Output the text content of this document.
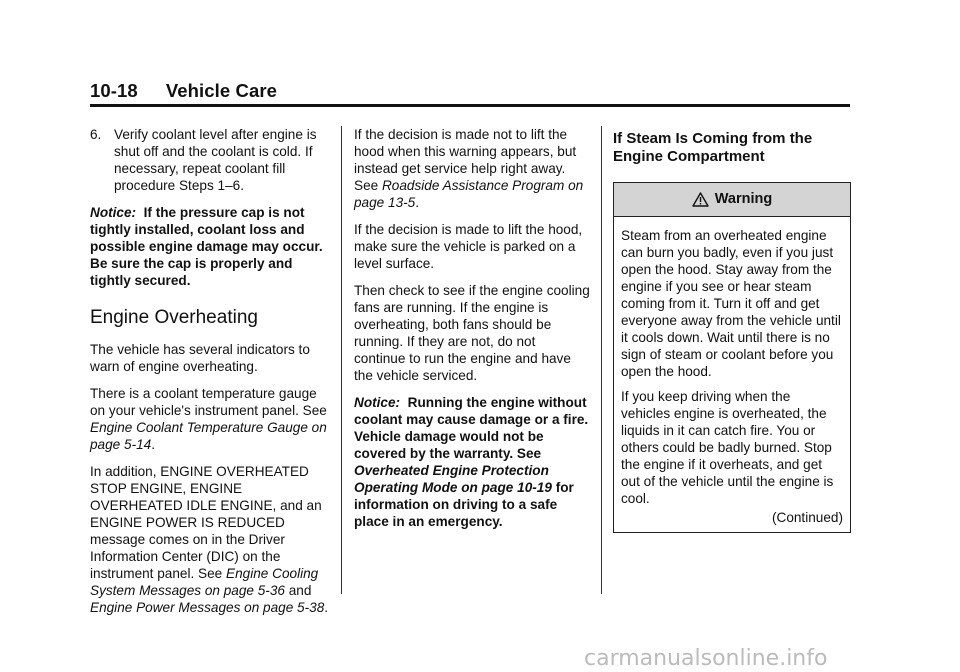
10-18 Vehicle Care
6. Verify coolant level after engine is shut off and the coolant is cold. If necessary, repeat coolant fill procedure Steps 1–6.

Notice: If the pressure cap is not tightly installed, coolant loss and possible engine damage may occur. Be sure the cap is properly and tightly secured.

Engine Overheating

The vehicle has several indicators to warn of engine overheating.

There is a coolant temperature gauge on your vehicle's instrument panel. See Engine Coolant Temperature Gauge on page 5-14.

In addition, ENGINE OVERHEATED STOP ENGINE, ENGINE OVERHEATED IDLE ENGINE, and an ENGINE POWER IS REDUCED message comes on in the Driver Information Center (DIC) on the instrument panel. See Engine Cooling System Messages on page 5-36 and Engine Power Messages on page 5-38.

If the decision is made not to lift the hood when this warning appears, but instead get service help right away. See Roadside Assistance Program on page 13-5.

If the decision is made to lift the hood, make sure the vehicle is parked on a level surface.

Then check to see if the engine cooling fans are running. If the engine is overheating, both fans should be running. If they are not, do not continue to run the engine and have the vehicle serviced.

Notice: Running the engine without coolant may cause damage or a fire. Vehicle damage would not be covered by the warranty. See Overheated Engine Protection Operating Mode on page 10-19 for information on driving to a safe place in an emergency.

If Steam Is Coming from the Engine Compartment
Warning

Steam from an overheated engine can burn you badly, even if you just open the hood. Stay away from the engine if you see or hear steam coming from it. Turn it off and get everyone away from the vehicle until it cools down. Wait until there is no sign of steam or coolant before you open the hood.

If you keep driving when the vehicles engine is overheated, the liquids in it can catch fire. You or others could be badly burned. Stop the engine if it overheats, and get out of the vehicle until the engine is cool.

(Continued)
carmanualsonline.info
